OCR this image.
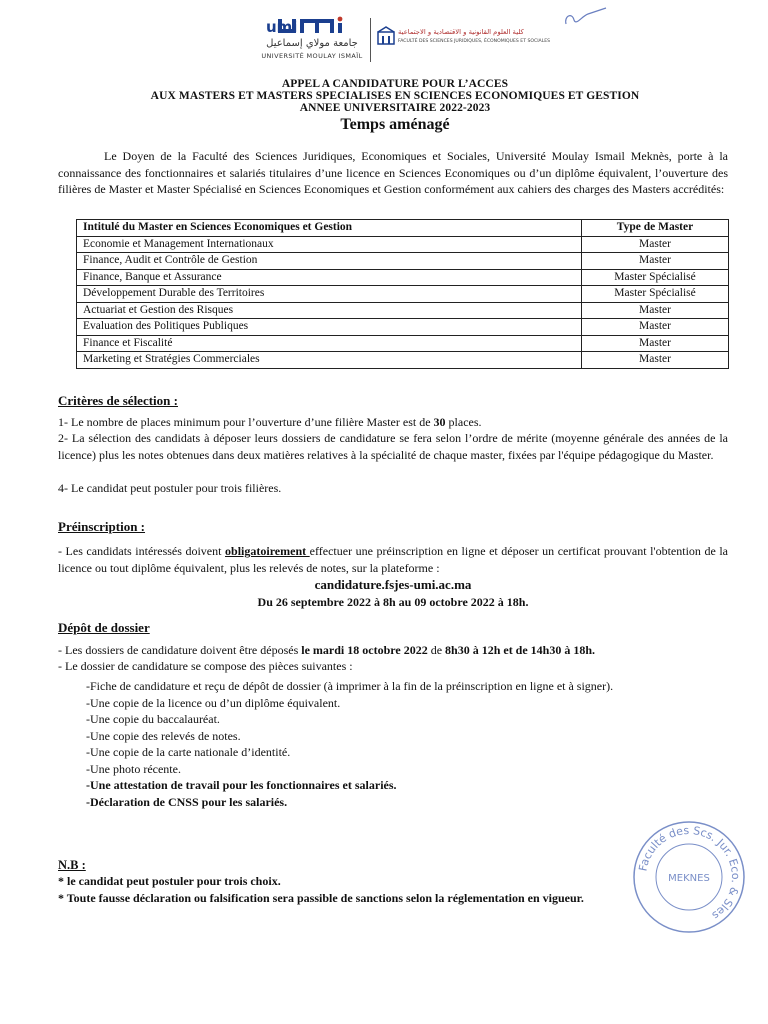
umi
جامعة مولاي إسماعيل
UNIVERSITÉ MOULAY ISMAÏL
كلية العلوم القانونية و الاقتصادية و الاجتماعية
FACULTÉ DES SCIENCES JURIDIQUES, ÉCONOMIQUES ET SOCIALES
APPEL A CANDIDATURE POUR L’ACCES
AUX MASTERS ET MASTERS SPECIALISES EN SCIENCES ECONOMIQUES ET GESTION
ANNEE UNIVERSITAIRE 2022-2023
Temps aménagé

Le Doyen de la Faculté des Sciences Juridiques, Economiques et Sociales, Université Moulay Ismail Meknès, porte à la connaissance des fonctionnaires et salariés titulaires d’une licence en Sciences Economiques ou d’un diplôme équivalent, l’ouverture des filières de Master et Master Spécialisé en Sciences Economiques et Gestion conformément aux cahiers des charges des Masters accrédités:

Intitulé du Master en Sciences Economiques et Gestion	Type de Master
Economie et Management Internationaux	Master
Finance, Audit et Contrôle de Gestion	Master
Finance, Banque et Assurance	Master Spécialisé
Développement Durable des Territoires	Master Spécialisé
Actuariat et Gestion des Risques	Master
Evaluation des Politiques Publiques	Master
Finance et Fiscalité	Master
Marketing et Stratégies Commerciales	Master
Critères de sélection :

1- Le nombre de places minimum pour l’ouverture d’une filière Master est de 30 places.

2- La sélection des candidats à déposer leurs dossiers de candidature se fera selon l’ordre de mérite (moyenne générale des années de la licence) plus les notes obtenues dans deux matières relatives à la spécialité de chaque master, fixées par l'équipe pédagogique du Master.

4- Le candidat peut postuler pour trois filières.

Préinscription :

- Les candidats intéressés doivent obligatoirement effectuer une préinscription en ligne et déposer un certificat prouvant l'obtention de la licence ou tout diplôme équivalent, plus les relevés de notes, sur la plateforme :

candidature.fsjes-umi.ac.ma
Du 26 septembre 2022 à 8h au 09 octobre 2022 à 18h.
Dépôt de dossier

- Les dossiers de candidature doivent être déposés le mardi 18 octobre 2022 de 8h30 à 12h et de 14h30 à 18h.

- Le dossier de candidature se compose des pièces suivantes :

-Fiche de candidature et reçu de dépôt de dossier (à imprimer à la fin de la préinscription en ligne et à signer).
-Une copie de la licence ou d’un diplôme équivalent.
-Une copie du baccalauréat.
-Une copie des relevés de notes.
-Une copie de la carte nationale d’identité.
-Une photo récente.
-Une attestation de travail pour les fonctionnaires et salariés.
-Déclaration de CNSS pour les salariés.
N.B :
* le candidat peut postuler pour trois choix.
* Toute fausse déclaration ou falsification sera passible de sanctions selon la réglementation en vigueur.
Faculté des Scs. Jur. Eco. & Sles
MEKNES
